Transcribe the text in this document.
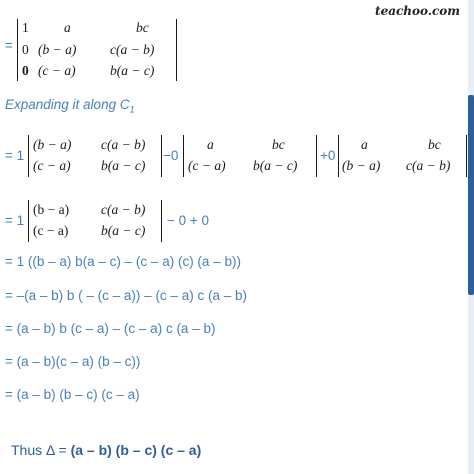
teachoo.com
=
1	a	bc
0 (b − a) c(a − b)
0 (c − a)	b(a − c)
Expanding it along $C_1$
= 1
(b − a) c(a − b)
(c − a) b(a − c)
−0
a	bc
(c − a) b(a − c)
+0
a	bc
(b − a) c(a − b)
= 1
(b − a) c(a − b)
(c − a) b(a − c)
− 0 + 0
= 1 ((b – a) b(a – c) – (c – a) (c) (a – b))
= –(a – b) b ( – (c – a)) – (c – a) c (a – b)
= (a – b) b (c – a) – (c – a) c (a – b)
= (a – b)(c – a) (b – c))
= (a – b) (b – c) (c – a)
Thus Δ = (a – b) (b – c) (c – a)
